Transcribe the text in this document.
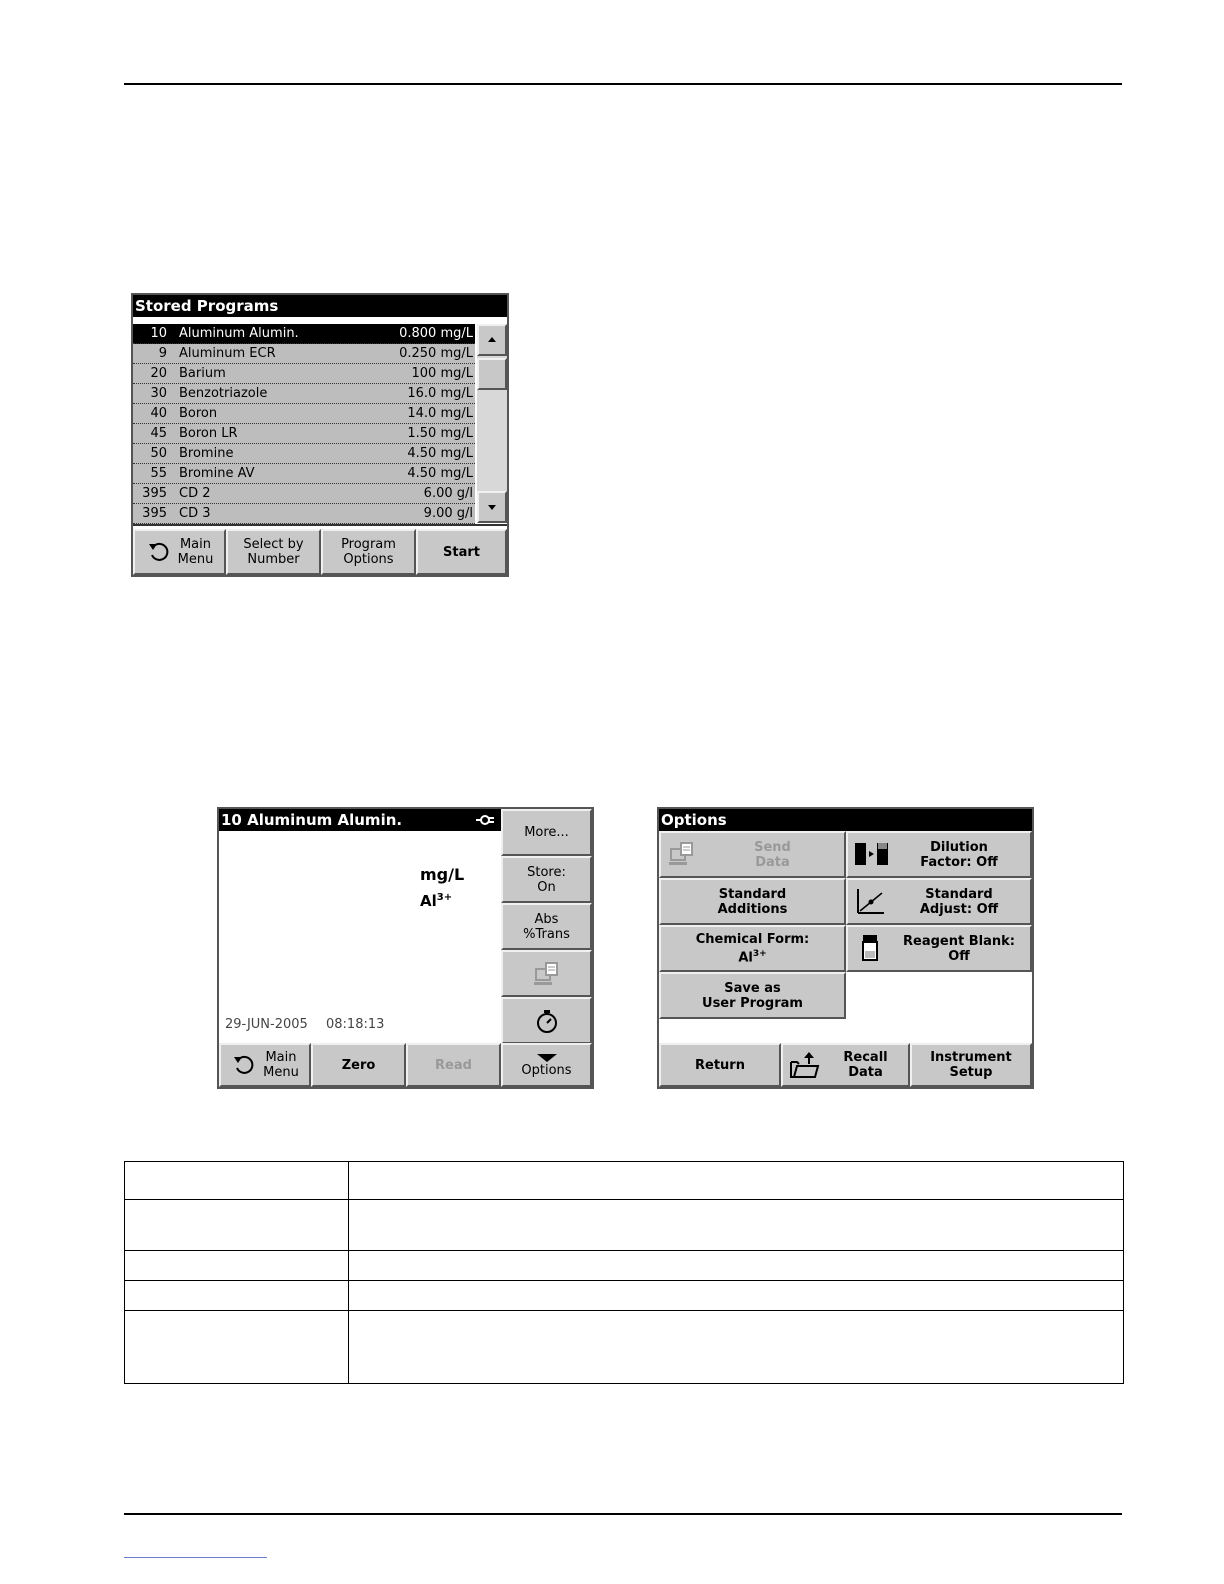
Stored Programs
10 Aluminum Alumin.	0.800 mg/L
9 Aluminum ECR	0.250 mg/L
20 Barium	100 mg/L
30 Benzotriazole	16.0 mg/L
40 Boron	14.0 mg/L
45 Boron LR	1.50 mg/L
50 Bromine	4.50 mg/L
55 Bromine AV	4.50 mg/L
395 CD 2	6.00 g/l
395 CD 3	9.00 g/l
Main
Menu
Select by
Number
Program
Options	Start
10 Aluminum Alumin.
mg/L
$Al^{3+}$
29-JUN-2005 08:18:13
More...
Store:
On
Abs
%Trans
Main
Menu	Zero	Read	Options
Options
Send
Data
Dilution
Factor: Off
Standard
Additions
Standard
Adjust: Off
Chemical Form:
$Al^{3+}$
Reagent Blank:
Off
Save as
User Program
Return	Recall
Data
Instrument
Setup
